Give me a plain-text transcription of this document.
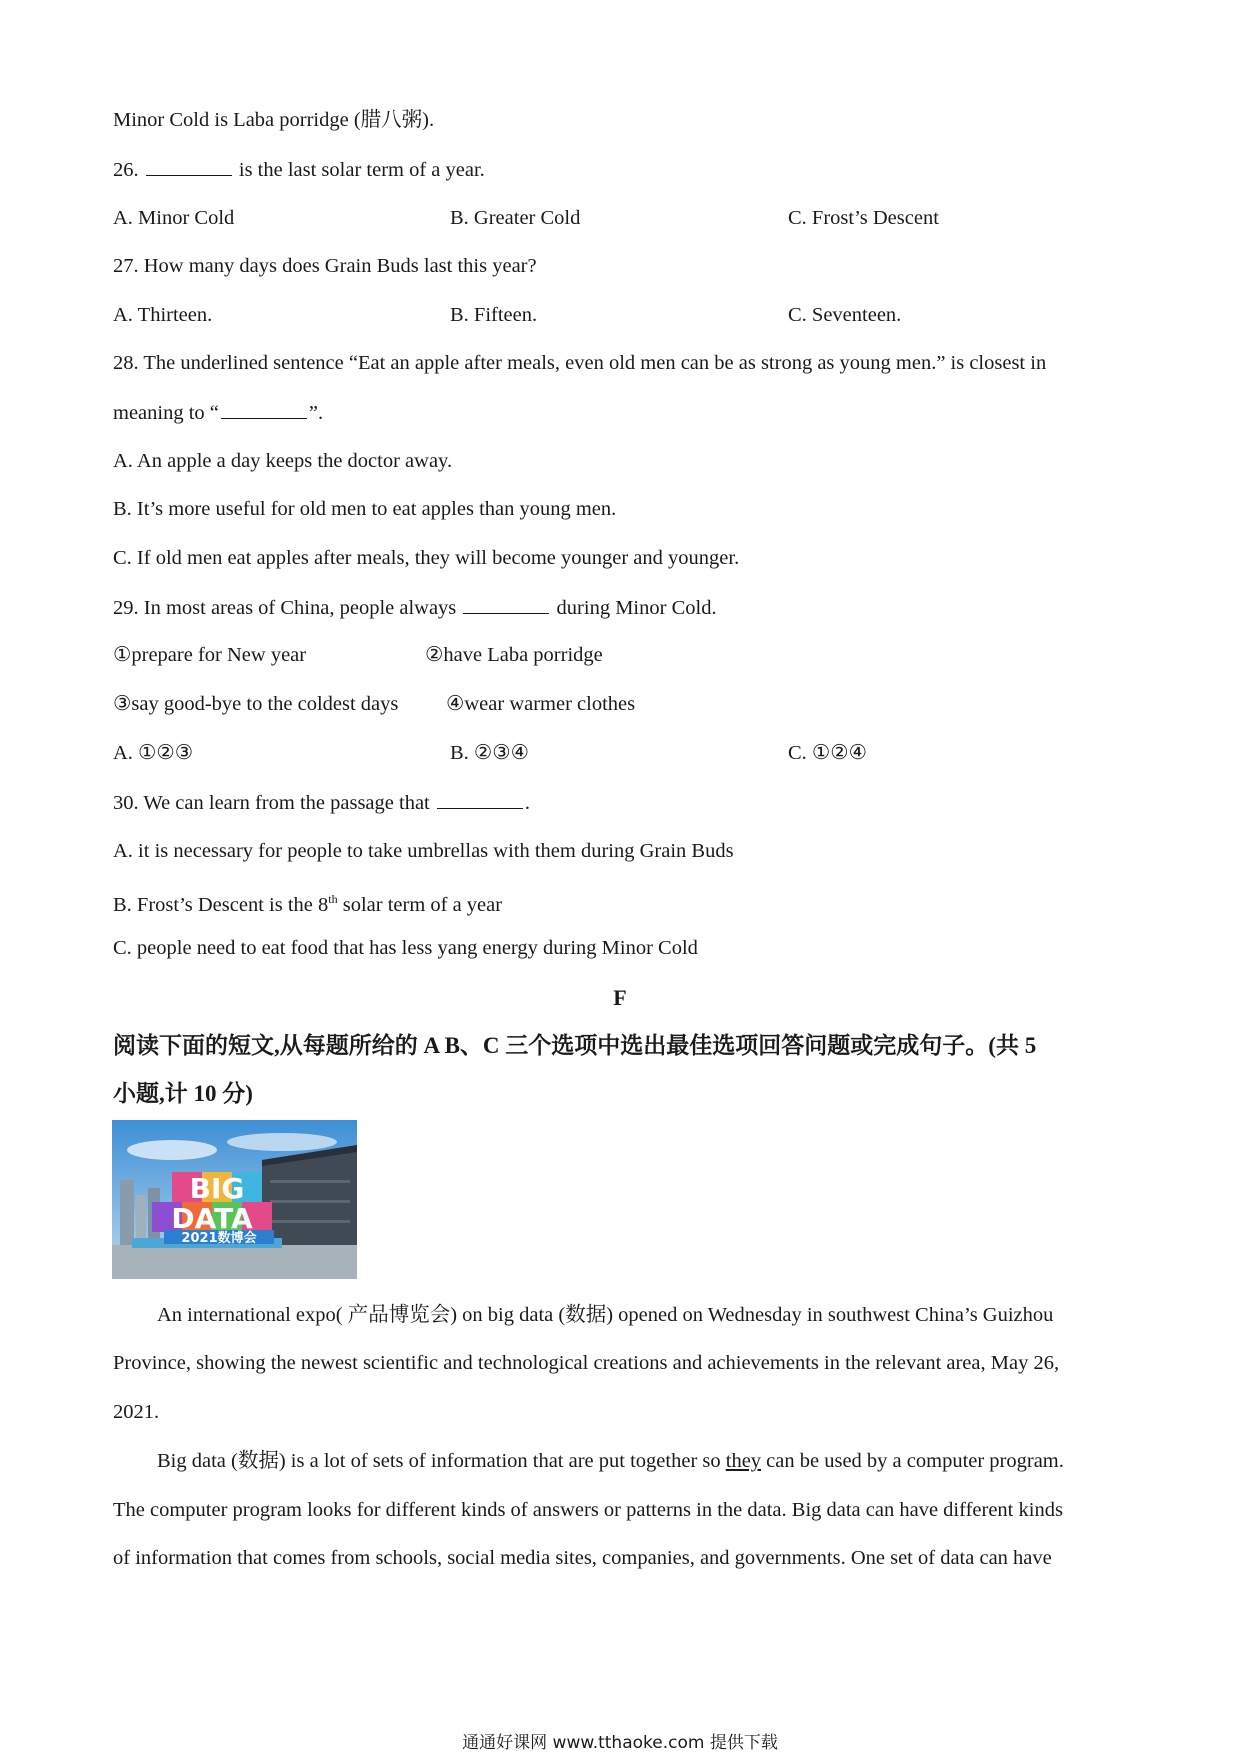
Minor Cold is Laba porridge (腊八粥).
26.	is the last solar term of a year.
A. Minor Cold	B. Greater Cold	C. Frost’s Descent
27. How many days does Grain Buds last this year?
A. Thirteen.	B. Fifteen.	C. Seventeen.
28. The underlined sentence “Eat an apple after meals, even old men can be as strong as young men.” is closest in
meaning to “	”.
A. An apple a day keeps the doctor away.
B. It’s more useful for old men to eat apples than young men.
C. If old men eat apples after meals, they will become younger and younger.
29. In most areas of China, people always	during Minor Cold.
①prepare for New year	②have Laba porridge
③say good-bye to the coldest days ④wear warmer clothes
A. ①②③	B. ②③④	C. ①②④
30. We can learn from the passage that	.
A. it is necessary for people to take umbrellas with them during Grain Buds
B. Frost’s Descent is the 8th solar term of a year
C. people need to eat food that has less yang energy during Minor Cold
F
阅读下面的短文,从每题所给的 A B、C 三个选项中选出最佳选项回答问题或完成句子。(共 5
小题,计 10 分)
BIG
DATA
2021数博会
An international expo( 产品博览会) on big data (数据) opened on Wednesday in southwest China’s Guizhou
Province, showing the newest scientific and technological creations and achievements in the relevant area, May 26,
2021.
Big data (数据) is a lot of sets of information that are put together so they can be used by a computer program.
The computer program looks for different kinds of answers or patterns in the data. Big data can have different kinds
of information that comes from schools, social media sites, companies, and governments. One set of data can have
通通好课网 www.tthaoke.com 提供下载
